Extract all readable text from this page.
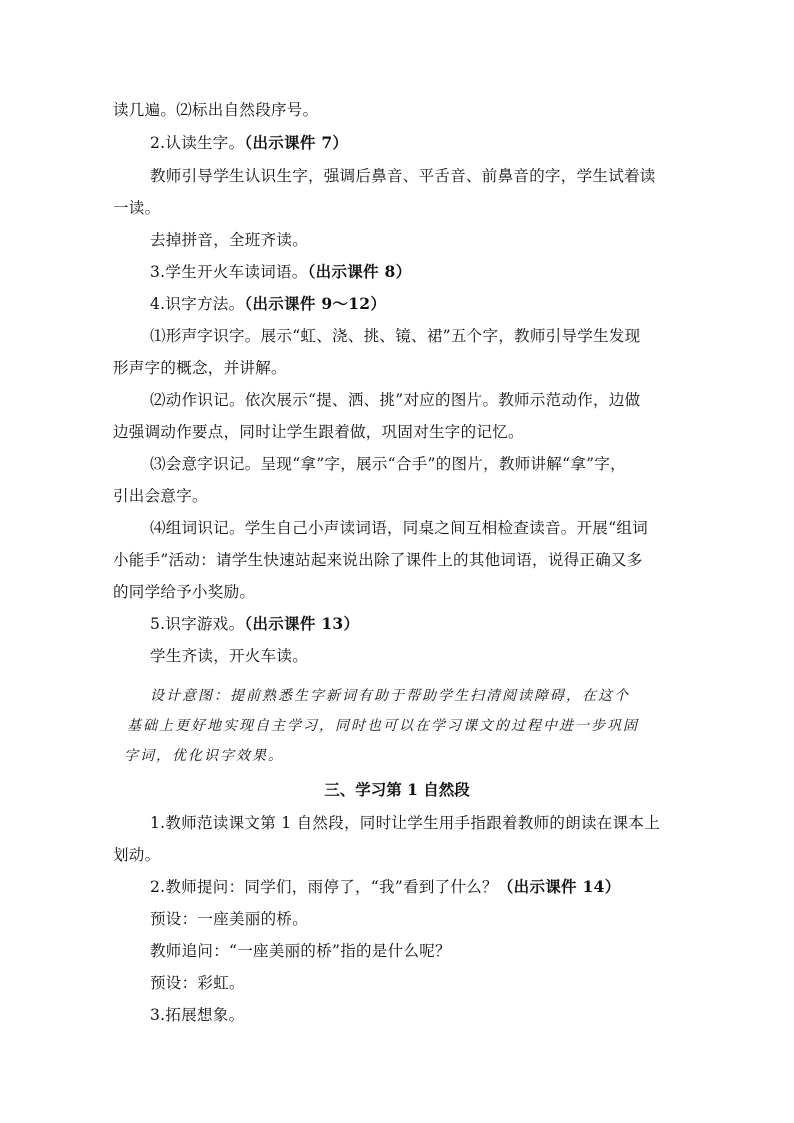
读几遍。⑵标出自然段序号。
2.认读生字。（出示课件 7）
教师引导学生认识生字，强调后鼻音、平舌音、前鼻音的字，学生试着读
一读。
去掉拼音，全班齐读。
3.学生开火车读词语。（出示课件 8）
4.识字方法。（出示课件 9～12）
⑴形声字识字。展示“虹、浇、挑、镜、裙”五个字，教师引导学生发现
形声字的概念，并讲解。
⑵动作识记。依次展示“提、洒、挑”对应的图片。教师示范动作，边做
边强调动作要点，同时让学生跟着做，巩固对生字的记忆。
⑶会意字识记。呈现“拿”字，展示“合手”的图片，教师讲解“拿”字，
引出会意字。
⑷组词识记。学生自己小声读词语，同桌之间互相检查读音。开展“组词
小能手”活动：请学生快速站起来说出除了课件上的其他词语，说得正确又多
的同学给予小奖励。
5.识字游戏。（出示课件 13）
学生齐读，开火车读。
设计意图：提前熟悉生字新词有助于帮助学生扫清阅读障碍，在这个
基础上更好地实现自主学习，同时也可以在学习课文的过程中进一步巩固
字词，优化识字效果。
三、学习第 1 自然段
1.教师范读课文第 1 自然段，同时让学生用手指跟着教师的朗读在课本上
划动。
2.教师提问：同学们，雨停了，“我”看到了什么？（出示课件 14）
预设：一座美丽的桥。
教师追问：“一座美丽的桥”指的是什么呢？
预设：彩虹。
3.拓展想象。
